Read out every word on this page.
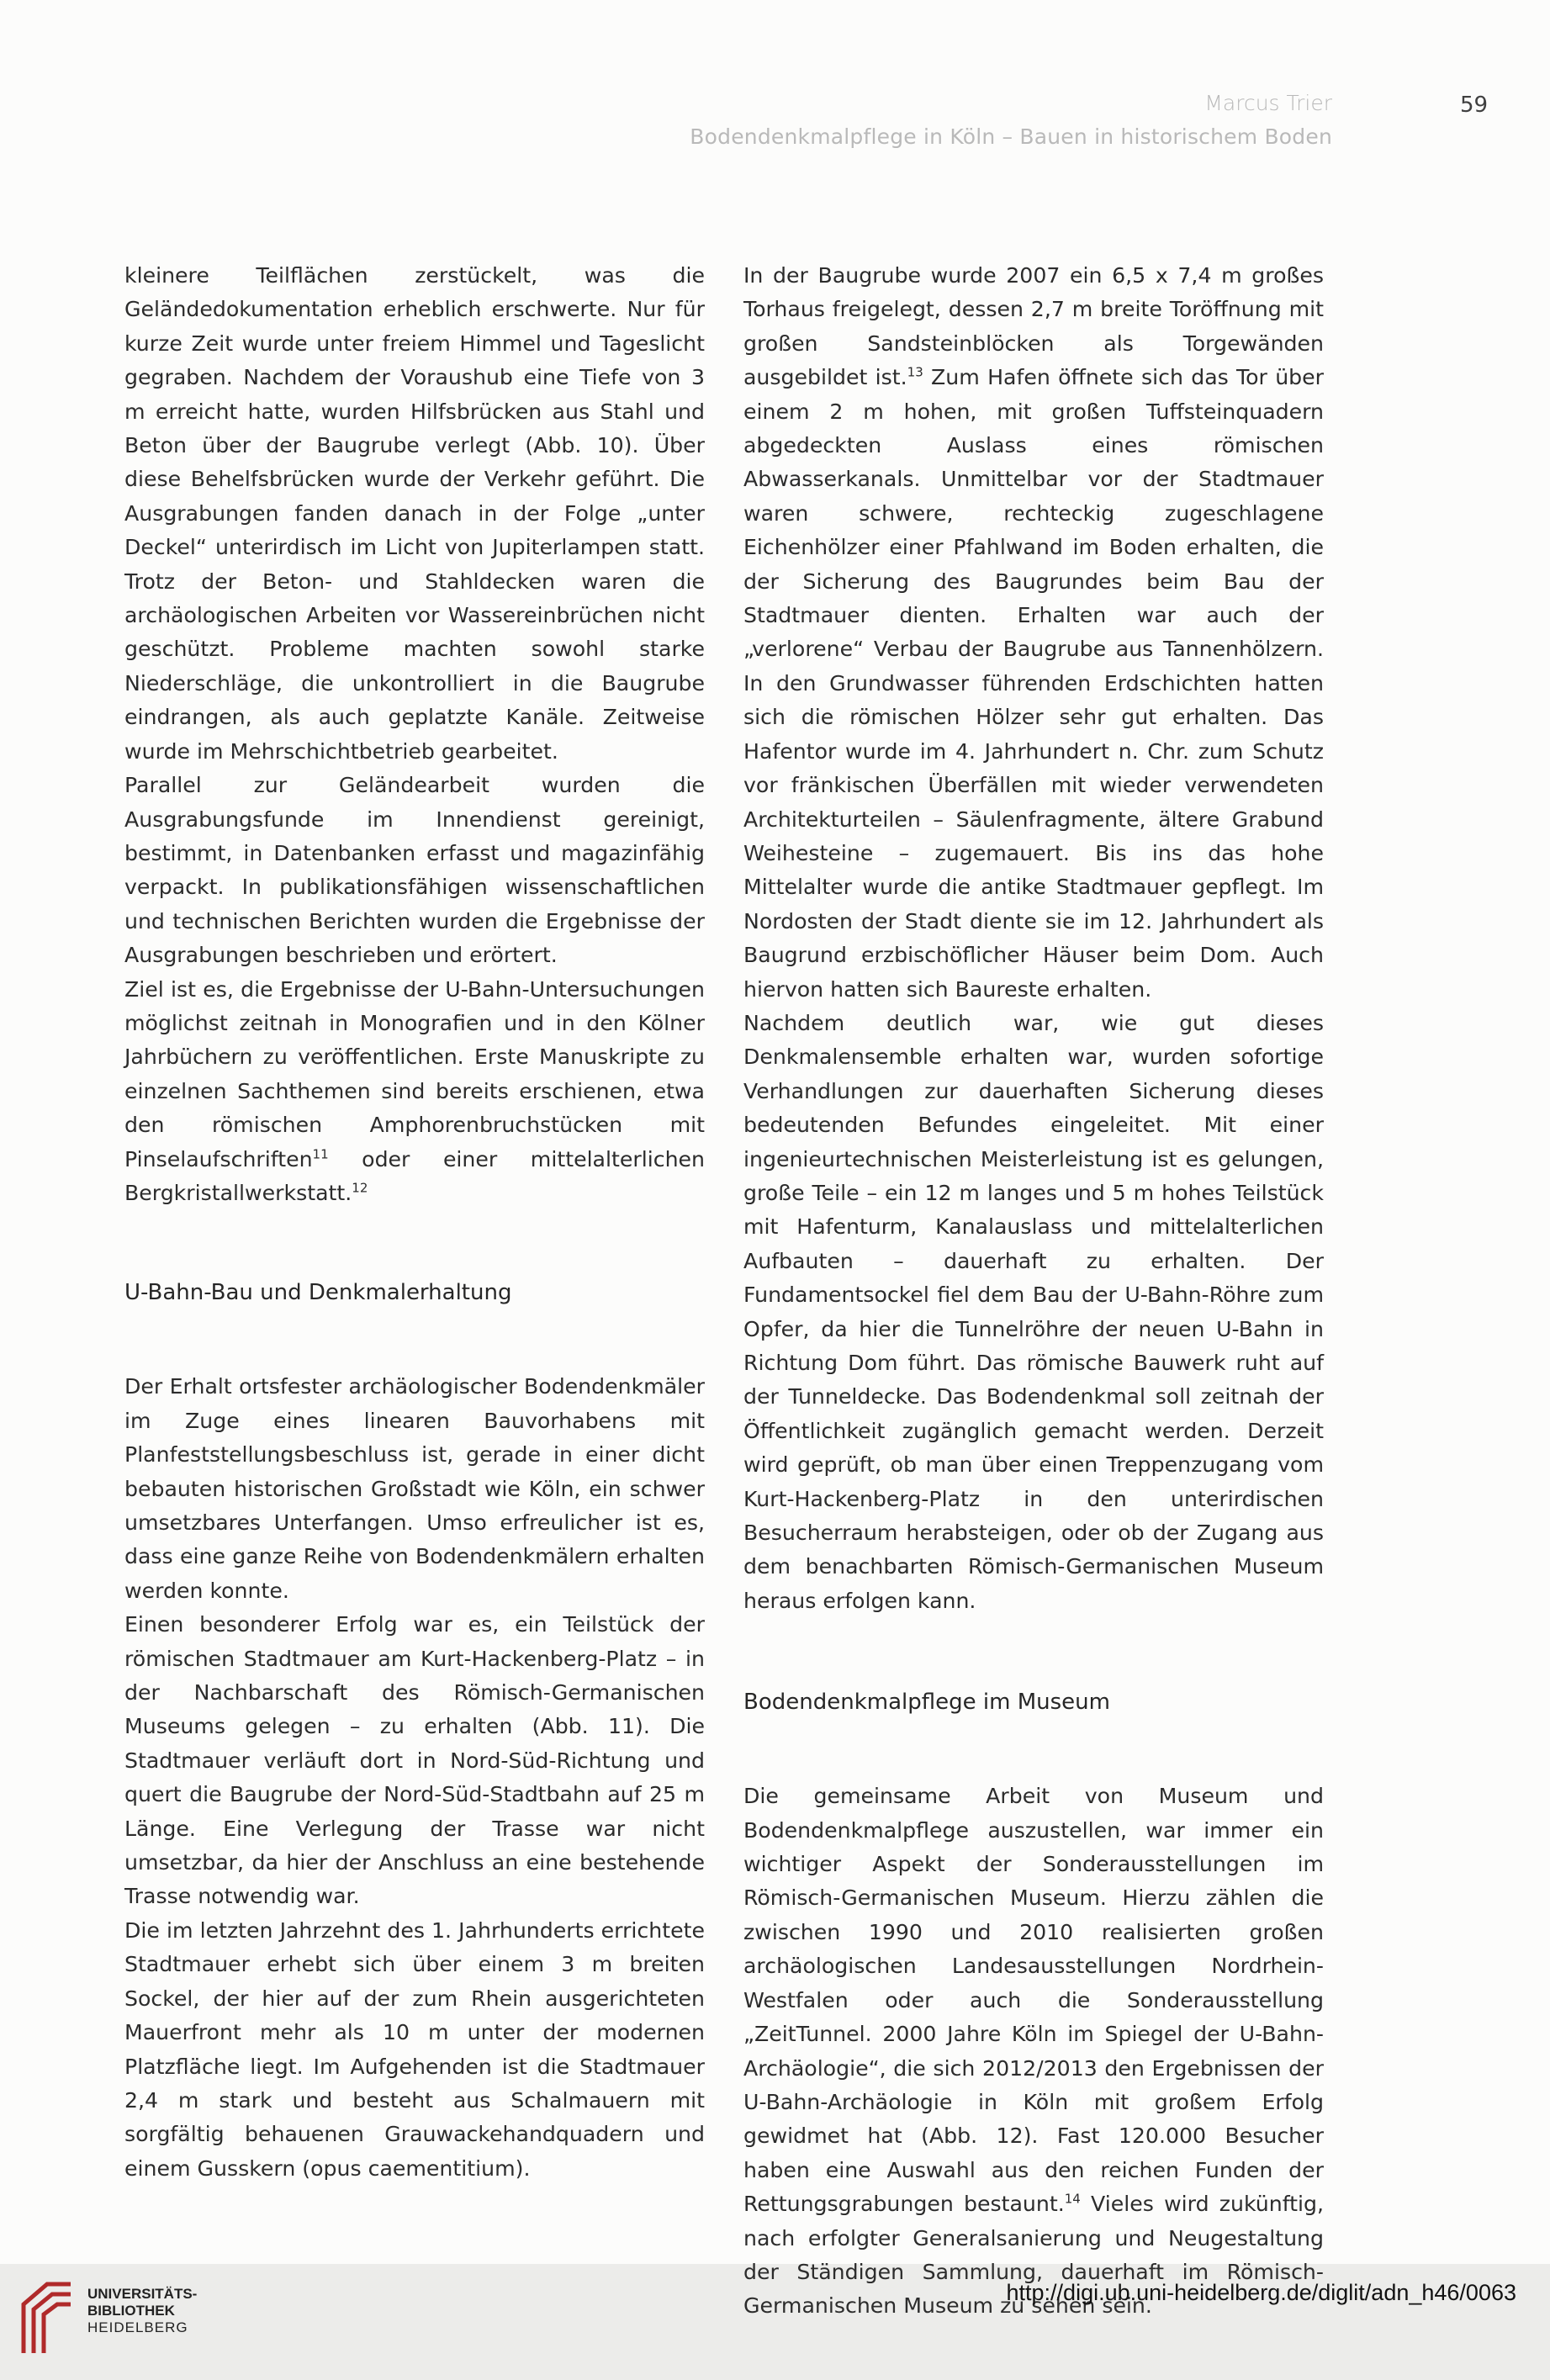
Marcus Trier	59
Bodendenkmalpflege in Köln – Bauen in historischem Boden

kleinere Teilflächen zerstückelt, was die Geländedokumentation erheblich erschwerte. Nur für kurze Zeit wurde unter freiem Himmel und Tageslicht gegraben. Nachdem der Voraushub eine Tiefe von 3 m erreicht hatte, wurden Hilfsbrücken aus Stahl und Beton über der Baugrube verlegt (Abb. 10). Über diese Behelfsbrücken wurde der Verkehr geführt. Die Ausgrabungen fanden danach in der Folge „unter Deckel“ unterirdisch im Licht von Jupiterlampen statt. Trotz der Beton- und Stahldecken waren die archäologischen Arbeiten vor Wassereinbrüchen nicht geschützt. Probleme machten sowohl starke Niederschläge, die unkontrolliert in die Baugrube eindrangen, als auch geplatzte Kanäle. Zeitweise wurde im Mehrschichtbetrieb gearbeitet.

Parallel zur Geländearbeit wurden die Ausgrabungsfunde im Innendienst gereinigt, bestimmt, in Datenbanken erfasst und magazinfähig verpackt. In publikationsfähigen wissenschaftlichen und technischen Berichten wurden die Ergebnisse der Ausgrabungen beschrieben und erörtert.

Ziel ist es, die Ergebnisse der U-Bahn-Untersuchungen möglichst zeitnah in Monografien und in den Kölner Jahrbüchern zu veröffentlichen. Erste Manuskripte zu einzelnen Sachthemen sind bereits erschienen, etwa den römischen Amphorenbruchstücken mit Pinselaufschriften$^{11}$ oder einer mittelalterlichen Bergkristallwerkstatt.$^{12}$

U-Bahn-Bau und Denkmalerhaltung

Der Erhalt ortsfester archäologischer Bodendenkmäler im Zuge eines linearen Bauvorhabens mit Planfeststellungsbeschluss ist, gerade in einer dicht bebauten historischen Großstadt wie Köln, ein schwer umsetzbares Unterfangen. Umso erfreulicher ist es, dass eine ganze Reihe von Bodendenkmälern erhalten werden konnte.

Einen besonderer Erfolg war es, ein Teilstück der römischen Stadtmauer am Kurt-Hackenberg-Platz – in der Nachbarschaft des Römisch-Germanischen Museums gelegen – zu erhalten (Abb. 11). Die Stadtmauer verläuft dort in Nord-Süd-Richtung und quert die Baugrube der Nord-Süd-Stadtbahn auf 25 m Länge. Eine Verlegung der Trasse war nicht umsetzbar, da hier der Anschluss an eine bestehende Trasse notwendig war.

Die im letzten Jahrzehnt des 1. Jahrhunderts errichtete Stadtmauer erhebt sich über einem 3 m breiten Sockel, der hier auf der zum Rhein ausgerichteten Mauerfront mehr als 10 m unter der modernen Platzfläche liegt. Im Aufgehenden ist die Stadtmauer 2,4 m stark und besteht aus Schalmauern mit sorgfältig behauenen Grauwackehandquadern und einem Gusskern (opus caementitium).

In der Baugrube wurde 2007 ein 6,5 x 7,4 m großes Torhaus freigelegt, dessen 2,7 m breite Toröffnung mit großen Sandsteinblöcken als Torgewänden ausgebildet ist.$^{13}$ Zum Hafen öffnete sich das Tor über einem 2 m hohen, mit großen Tuffsteinquadern abgedeckten Auslass eines römischen Abwasserkanals. Unmittelbar vor der Stadtmauer waren schwere, rechteckig zugeschlagene Eichenhölzer einer Pfahlwand im Boden erhalten, die der Sicherung des Baugrundes beim Bau der Stadtmauer dienten. Erhalten war auch der „verlorene“ Verbau der Baugrube aus Tannenhölzern. In den Grundwasser führenden Erdschichten hatten sich die römischen Hölzer sehr gut erhalten. Das Hafentor wurde im 4. Jahrhundert n. Chr. zum Schutz vor fränkischen Überfällen mit wieder verwendeten Architekturteilen – Säulenfragmente, ältere Grabund Weihesteine – zugemauert. Bis ins das hohe Mittelalter wurde die antike Stadtmauer gepflegt. Im Nordosten der Stadt diente sie im 12. Jahrhundert als Baugrund erzbischöflicher Häuser beim Dom. Auch hiervon hatten sich Baureste erhalten.

Nachdem deutlich war, wie gut dieses Denkmalensemble erhalten war, wurden sofortige Verhandlungen zur dauerhaften Sicherung dieses bedeutenden Befundes eingeleitet. Mit einer ingenieurtechnischen Meisterleistung ist es gelungen, große Teile – ein 12 m langes und 5 m hohes Teilstück mit Hafenturm, Kanalauslass und mittelalterlichen Aufbauten – dauerhaft zu erhalten. Der Fundamentsockel fiel dem Bau der U-Bahn-Röhre zum Opfer, da hier die Tunnelröhre der neuen U-Bahn in Richtung Dom führt. Das römische Bauwerk ruht auf der Tunneldecke. Das Bodendenkmal soll zeitnah der Öffentlichkeit zugänglich gemacht werden. Derzeit wird geprüft, ob man über einen Treppenzugang vom Kurt-Hackenberg-Platz in den unterirdischen Besucherraum herabsteigen, oder ob der Zugang aus dem benachbarten Römisch-Germanischen Museum heraus erfolgen kann.

Bodendenkmalpflege im Museum

Die gemeinsame Arbeit von Museum und Bodendenkmalpflege auszustellen, war immer ein wichtiger Aspekt der Sonderausstellungen im Römisch-Germanischen Museum. Hierzu zählen die zwischen 1990 und 2010 realisierten großen archäologischen Landesausstellungen Nordrhein-Westfalen oder auch die Sonderausstellung „ZeitTunnel. 2000 Jahre Köln im Spiegel der U-Bahn-Archäologie“, die sich 2012/2013 den Ergebnissen der U-Bahn-Archäologie in Köln mit großem Erfolg gewidmet hat (Abb. 12). Fast 120.000 Besucher haben eine Auswahl aus den reichen Funden der Rettungsgrabungen bestaunt.$^{14}$ Vieles wird zukünftig, nach erfolgter Generalsanierung und Neugestaltung der Ständigen Sammlung, dauerhaft im Römisch-Germanischen Museum zu sehen sein.

UNIVERSITÄTS-
BIBLIOTHEK
HEIDELBERG
http://digi.ub.uni-heidelberg.de/diglit/adn_h46/0063
